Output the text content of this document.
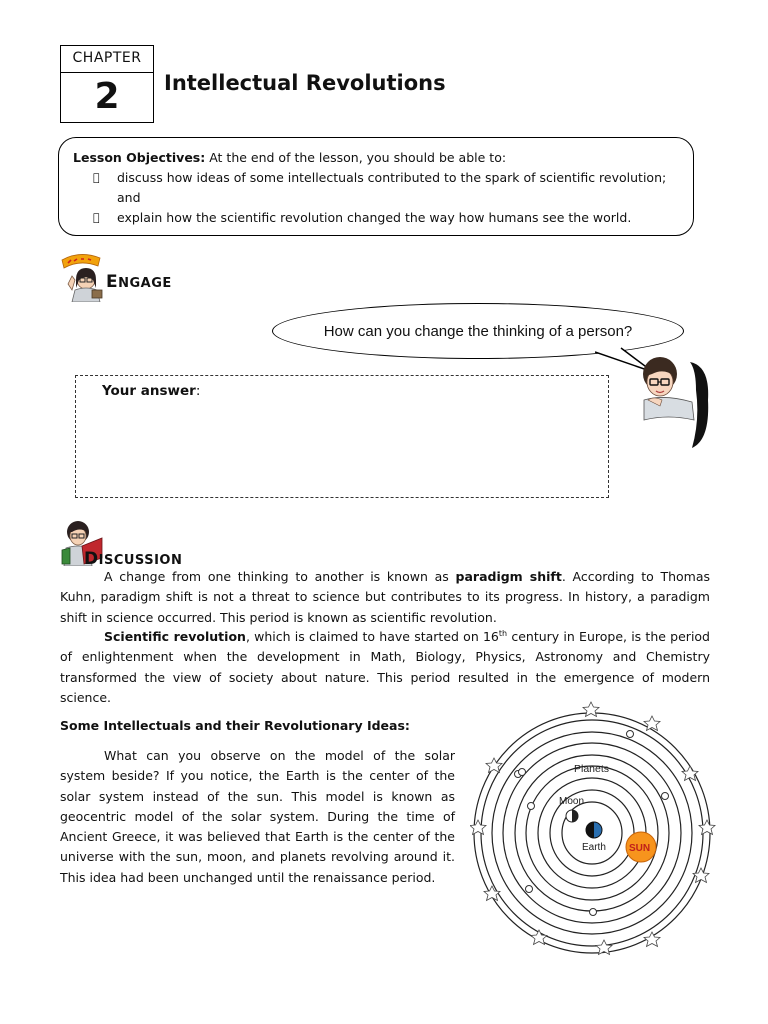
CHAPTER
2	Intellectual Revolutions
Lesson Objectives: At the end of the lesson, you should be able to:
discuss how ideas of some intellectuals contributed to the spark of scientific revolution; and
explain how the scientific revolution changed the way how humans see the world.
ENGAGE
How can you change the thinking of a person?
Your answer:
DISCUSSION

A change from one thinking to another is known as paradigm shift. According to Thomas Kuhn, paradigm shift is not a threat to science but contributes to its progress. In history, a paradigm shift in science occurred. This period is known as scientific revolution.

Scientific revolution, which is claimed to have started on 16th century in Europe, is the period of enlightenment when the development in Math, Biology, Physics, Astronomy and Chemistry transformed the view of society about nature. This period resulted in the emergence of modern science.

Some Intellectuals and their Revolutionary Ideas:

What can you observe on the model of the solar system beside? If you notice, the Earth is the center of the solar system instead of the sun. This model is known as geocentric model of the solar system. During the time of Ancient Greece, it was believed that Earth is the center of the universe with the sun, moon, and planets revolving around it. This idea had been unchanged until the renaissance period.

Planets
Moon
Earth SUN
